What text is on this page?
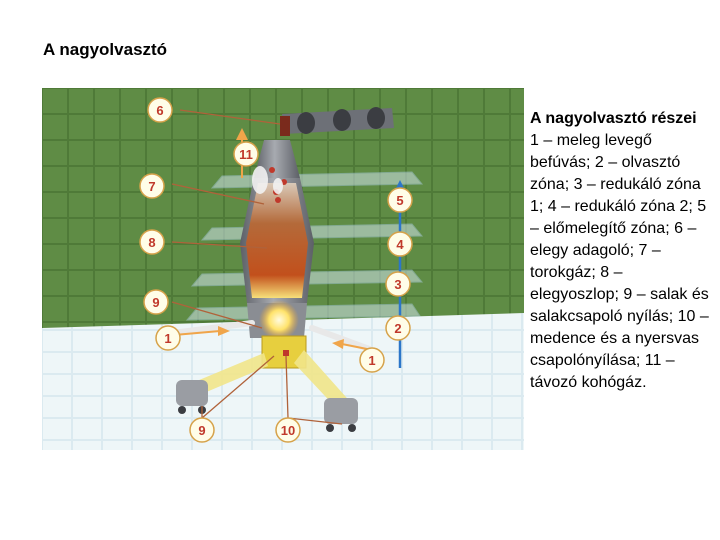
A nagyolvasztó
6
11
7
8
9
1
5
4
3
2
1
9	10
A nagyolvasztó részei
1 – meleg levegő befúvás; 2 – olvasztó zóna; 3 – redukáló zóna 1; 4 – redukáló zóna 2; 5 – előmelegítő zóna; 6 – elegy adagoló; 7 – torokgáz; 8 – elegyoszlop; 9 – salak és salakcsapoló nyílás; 10 – medence és a nyersvas csapolónyílása; 11 – távozó kohógáz.
